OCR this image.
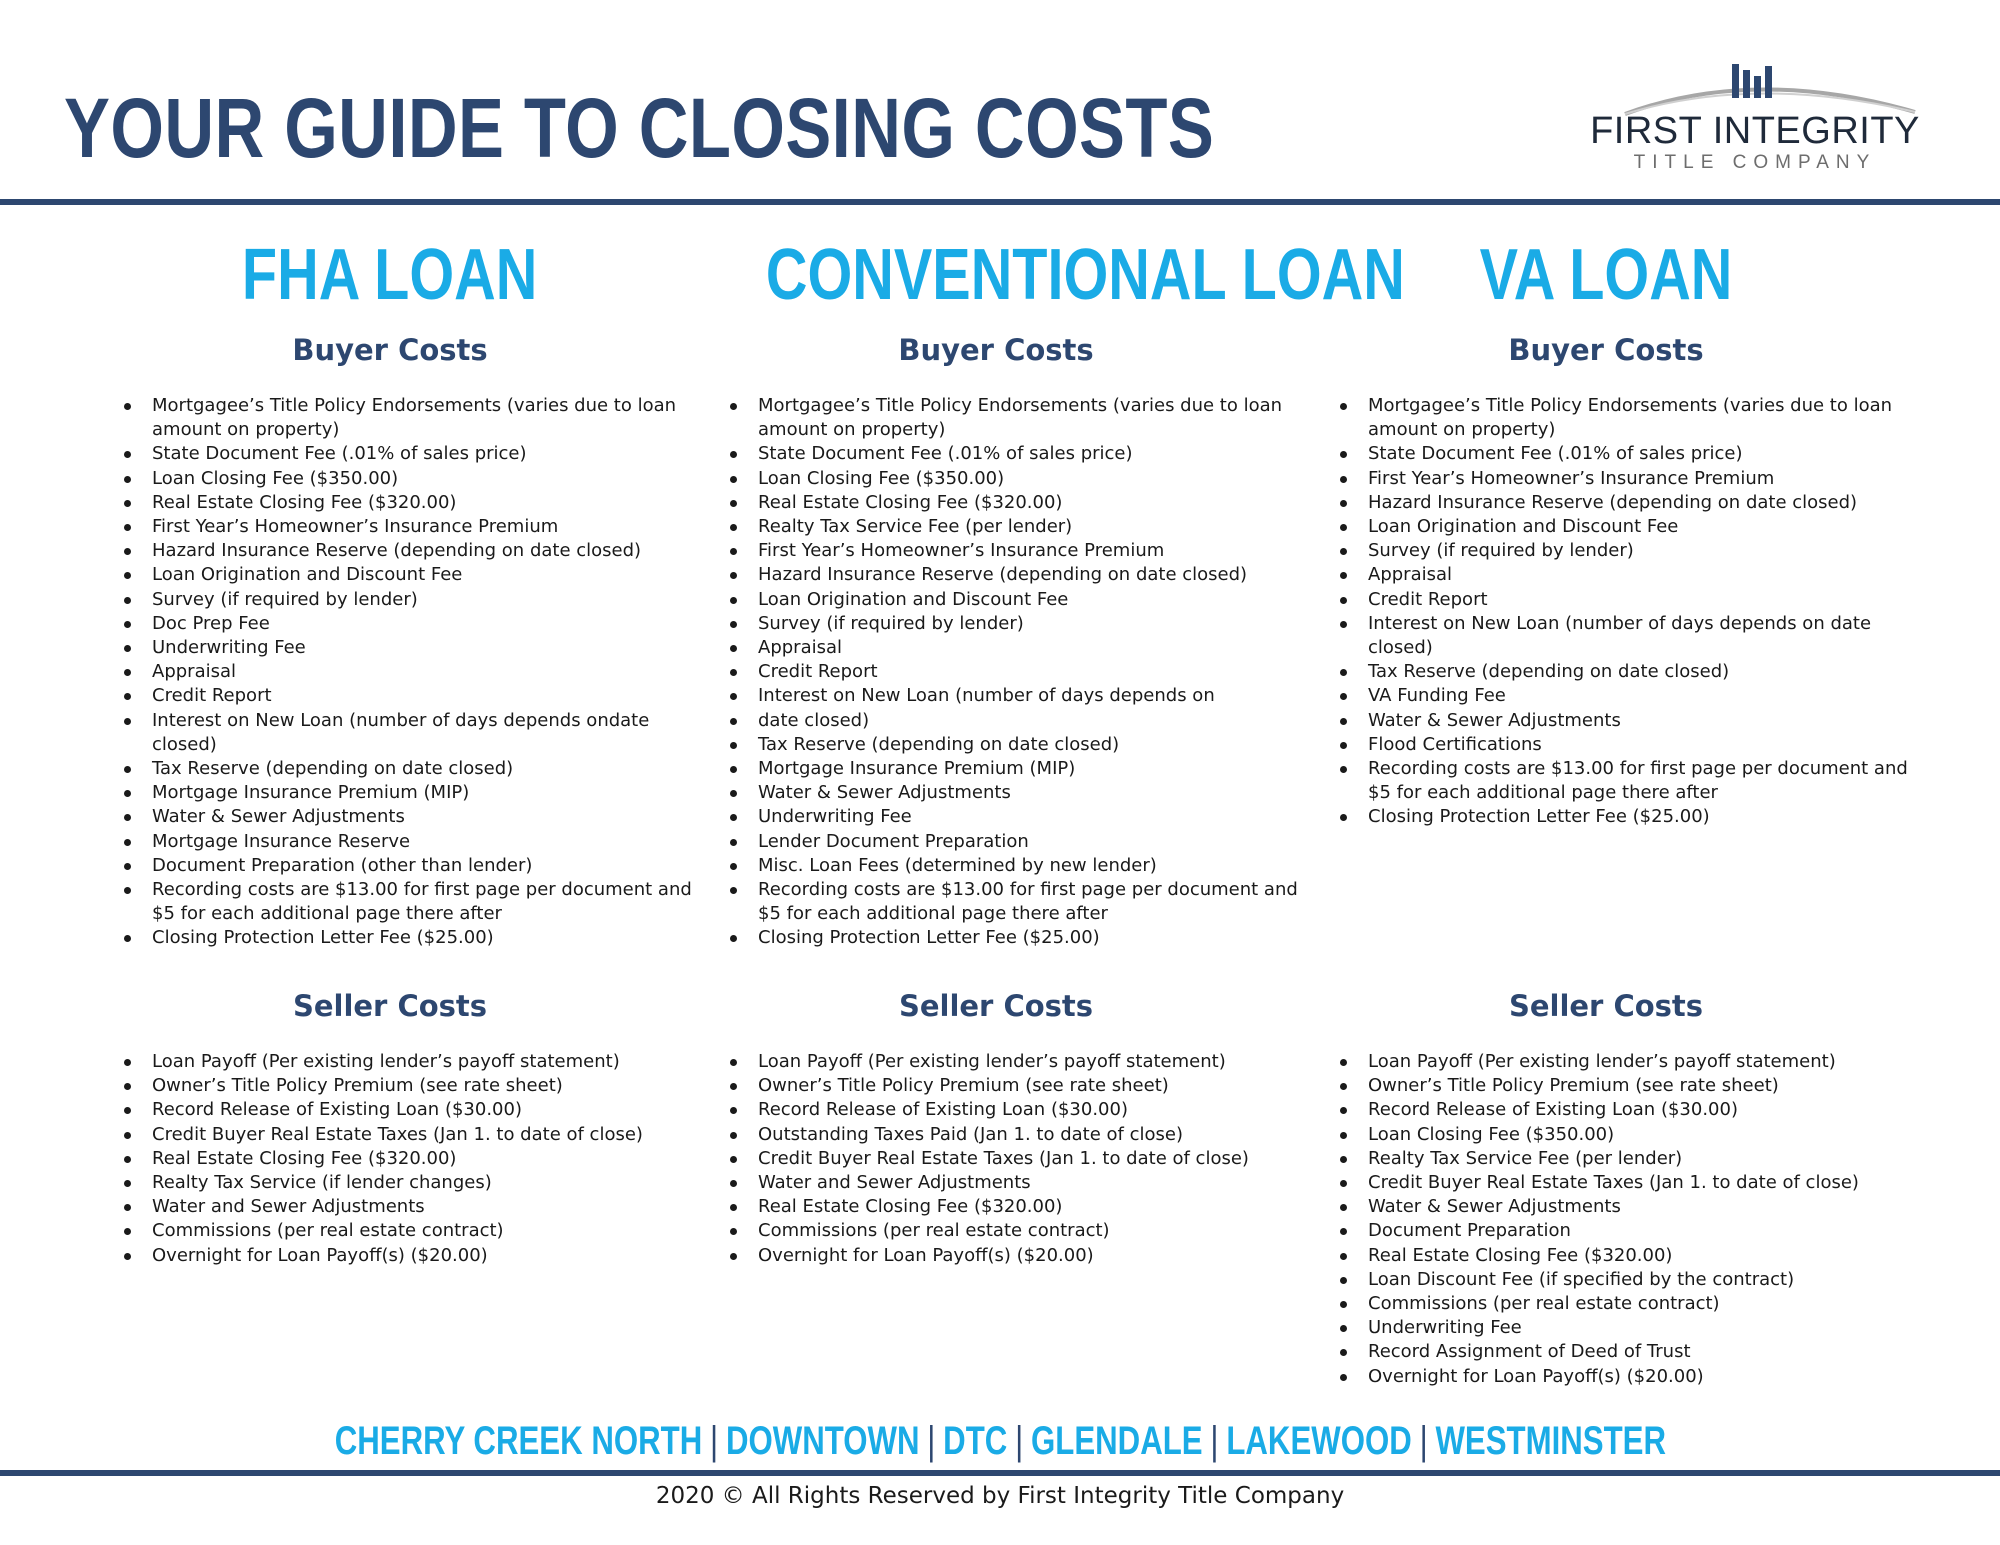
YOUR GUIDE TO CLOSING COSTS	FIRST INTEGRITY
TITLE COMPANY
FHA LOAN
Buyer Costs
Mortgagee’s Title Policy Endorsements (varies due to loan amount on property)
State Document Fee (.01% of sales price)
Loan Closing Fee ($350.00)
Real Estate Closing Fee ($320.00)
First Year’s Homeowner’s Insurance Premium
Hazard Insurance Reserve (depending on date closed)
Loan Origination and Discount Fee
Survey (if required by lender)
Doc Prep Fee
Underwriting Fee
Appraisal
Credit Report
Interest on New Loan (number of days depends ondate closed)
Tax Reserve (depending on date closed)
Mortgage Insurance Premium (MIP)
Water & Sewer Adjustments
Mortgage Insurance Reserve
Document Preparation (other than lender)
Recording costs are $13.00 for first page per document and $5 for each additional page there after
Closing Protection Letter Fee ($25.00)
Seller Costs
Loan Payoff (Per existing lender’s payoff statement)
Owner’s Title Policy Premium (see rate sheet)
Record Release of Existing Loan ($30.00)
Credit Buyer Real Estate Taxes (Jan 1. to date of close)
Real Estate Closing Fee ($320.00)
Realty Tax Service (if lender changes)
Water and Sewer Adjustments
Commissions (per real estate contract)
Overnight for Loan Payoff(s) ($20.00)
CONVENTIONAL LOAN
Buyer Costs
Mortgagee’s Title Policy Endorsements (varies due to loan amount on property)
State Document Fee (.01% of sales price)
Loan Closing Fee ($350.00)
Real Estate Closing Fee ($320.00)
Realty Tax Service Fee (per lender)
First Year’s Homeowner’s Insurance Premium
Hazard Insurance Reserve (depending on date closed)
Loan Origination and Discount Fee
Survey (if required by lender)
Appraisal
Credit Report
Interest on New Loan (number of days depends on
date closed)
Tax Reserve (depending on date closed)
Mortgage Insurance Premium (MIP)
Water & Sewer Adjustments
Underwriting Fee
Lender Document Preparation
Misc. Loan Fees (determined by new lender)
Recording costs are $13.00 for first page per document and $5 for each additional page there after
Closing Protection Letter Fee ($25.00)
Seller Costs
Loan Payoff (Per existing lender’s payoff statement)
Owner’s Title Policy Premium (see rate sheet)
Record Release of Existing Loan ($30.00)
Outstanding Taxes Paid (Jan 1. to date of close)
Credit Buyer Real Estate Taxes (Jan 1. to date of close)
Water and Sewer Adjustments
Real Estate Closing Fee ($320.00)
Commissions (per real estate contract)
Overnight for Loan Payoff(s) ($20.00)
VA LOAN
Buyer Costs
Mortgagee’s Title Policy Endorsements (varies due to loan amount on property)
State Document Fee (.01% of sales price)
First Year’s Homeowner’s Insurance Premium
Hazard Insurance Reserve (depending on date closed)
Loan Origination and Discount Fee
Survey (if required by lender)
Appraisal
Credit Report
Interest on New Loan (number of days depends on date closed)
Tax Reserve (depending on date closed)
VA Funding Fee
Water & Sewer Adjustments
Flood Certifications
Recording costs are $13.00 for first page per document and $5 for each additional page there after
Closing Protection Letter Fee ($25.00)
Seller Costs
Loan Payoff (Per existing lender’s payoff statement)
Owner’s Title Policy Premium (see rate sheet)
Record Release of Existing Loan ($30.00)
Loan Closing Fee ($350.00)
Realty Tax Service Fee (per lender)
Credit Buyer Real Estate Taxes (Jan 1. to date of close)
Water & Sewer Adjustments
Document Preparation
Real Estate Closing Fee ($320.00)
Loan Discount Fee (if specified by the contract)
Commissions (per real estate contract)
Underwriting Fee
Record Assignment of Deed of Trust
Overnight for Loan Payoff(s) ($20.00)
CHERRY CREEK NORTH | DOWNTOWN | DTC | GLENDALE | LAKEWOOD | WESTMINSTER
2020 © All Rights Reserved by First Integrity Title Company
